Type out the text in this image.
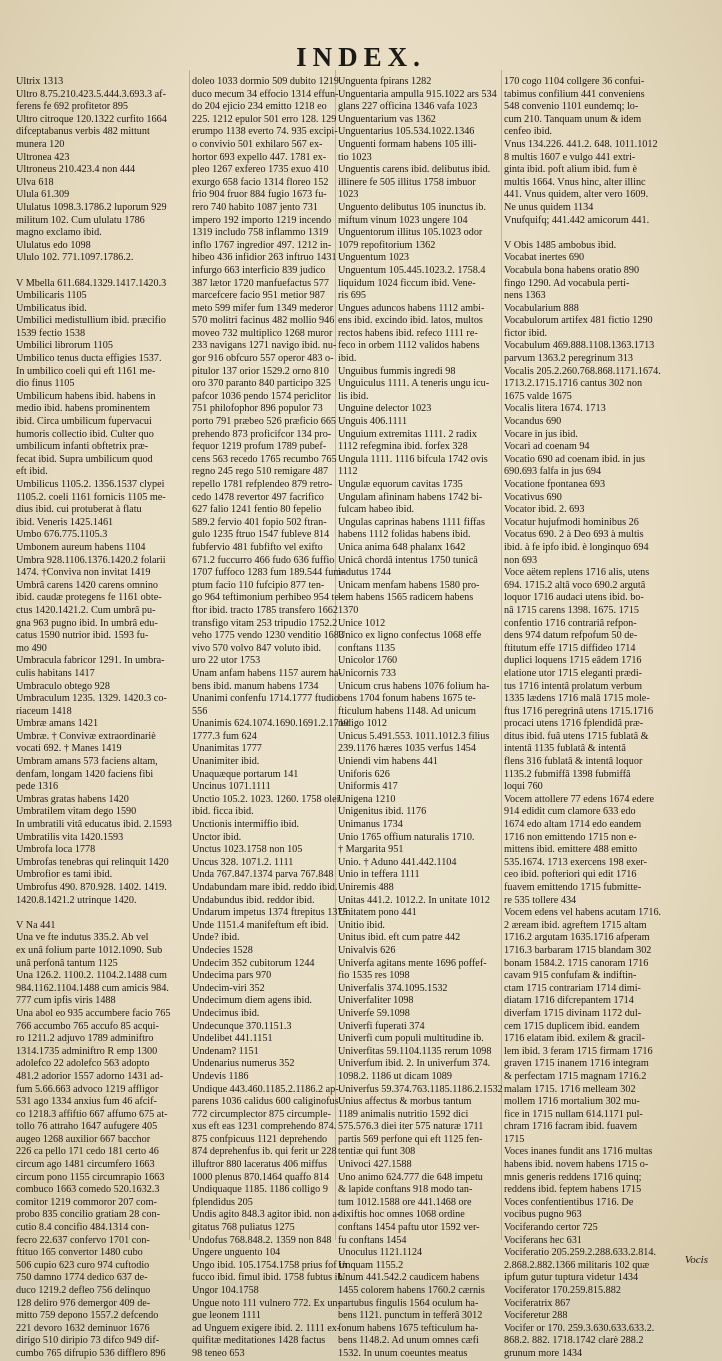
INDEX.
Ultrix 1313
Ultro 8.75.210.423.5.444.3.693.3 af-
ferens fe 692 profitetor 895
Ultro citroque 120.1322 curfito 1664
difceptabanus verbis 482 mittunt
munera 120
Ultronea 423
Ultroneus 210.423.4 non 444
Ulva 618
Ulula 61.309
Ululatus 1098.3.1786.2 luporum 929
militum 102. Cum ululatu 1786
magno exclamo ibid.
Ululatus edo 1098
Ululo 102. 771.1097.1786.2.

V Mbella 611.684.1329.1417.1420.3
Umbilicaris 1105
Umbilicatus ibid.
Umbilici medistullium ibid. præcifio
1539 fectio 1538
Umbilici librorum 1105
Umbilico tenus ducta effigies 1537.
In umbilico coeli qui eft 1161 me-
dio finus 1105
Umbilicum habens ibid. habens in
medio ibid. habens prominentem
ibid. Circa umbilicum fupervacui
humoris collectio ibid. Culter quo
umbilicum infanti obftetrix præ-
fecat ibid. Supra umbilicum quod
eft ibid.
Umbilicus 1105.2. 1356.1537 clypei
1105.2. coeli 1161 fornicis 1105 me-
dius ibid. cui protuberat à flatu
ibid. Veneris 1425.1461
Umbo 676.775.1105.3
Umbonem aureum habens 1104
Umbra 928.1106.1376.1420.2 folarii
1474. †Conviva non invitat 1419
Umbrâ carens 1420 carens omnino
ibid. caudæ protegens fe 1161 obte-
ctus 1420.1421.2. Cum umbrâ pu-
gna 963 pugno ibid. In umbrâ edu-
catus 1590 nutrior ibid. 1593 fu-
mo 490
Umbracula fabricor 1291. In umbra-
culis habitans 1417
Umbraculo obtego 928
Umbraculum 1235. 1329. 1420.3 co-
riaceum 1418
Umbræ amans 1421
Umbræ. † Convivæ extraordinariè
vocati 692. † Manes 1419
Umbram amans 573 faciens altam,
denfam, longam 1420 faciens fibi
pede 1316
Umbras gratas habens 1420
Umbratilem vitam dego 1590
In umbratili vitâ educatus ibid. 2.1593
Umbratilis vita 1420.1593
Umbrofa loca 1778
Umbrofas tenebras qui relinquit 1420
Umbrofior es tami ibid.
Umbrofus 490. 870.928. 1402. 1419.
1420.8.1421.2 utrinque 1420.

V Na 441
Una ve fte indutus 335.2. Ab vel
ex unâ folium parte 1012.1090. Sub
unâ perfonâ tantum 1125
Una 126.2. 1100.2. 1104.2.1488 cum
984.1162.1104.1488 cum amicis 984.
777 cum ipfis viris 1488
Una abol eo 935 accumbere facio 765
766 accumbo 765 accufo 85 acqui-
ro 1211.2 adjuvo 1789 adminiftro
1314.1735 adminiftro R emp 1300
adolefco 22 adolefco 563 adopto
481.2 adorior 1557 adorno 1431 ad-
fum 5.66.663 advoco 1219 affligor
531 ago 1334 anxius fum 46 afcif-
co 1218.3 affiftio 667 affumo 675 at-
tollo 76 attraho 1647 aufugere 405
augeo 1268 auxilior 667 bacchor
226 ca pello 171 cedo 181 certo 46
circum ago 1481 circumfero 1663
circum pono 1155 circumrapio 1663
combuco 1663 comedo 520.1632.3
comitor 1219 commoror 207 com-
probo 835 concilio gratiam 28 con-
cutio 8.4 concifio 484.1314 con-
fecro 22.637 confervo 1701 con-
ftituo 165 convertor 1480 cubo
506 cupio 623 curo 974 cuftodio
750 damno 1774 dedico 637 de-
duco 1219.2 defleo 756 delinquo
128 deliro 976 demergor 409 de-
mitto 759 depono 1557.2 defcendo
221 devoro 1632 deminuor 1676
dirigo 510 diripio 73 difco 949 dif-
cumbo 765 difrupio 536 difflero 896
doleo 1033 dormio 509 dubito 1219
duco mecum 34 effocio 1314 effun-
do 204 ejicio 234 emitto 1218 eo
225. 1212 epulor 501 erro 128. 129
erumpo 1138 everto 74. 935 excipi-
o convivio 501 exhilaro 567 ex-
hortor 693 expello 447. 1781 ex-
pleo 1267 exfereo 1735 exuo 410
exurgo 658 facio 1314 floreo 152
frio 904 fruor 884 fugio 1673 fu-
rero 740 habito 1087 jento 731
impero 192 importo 1219 incendo
1319 includo 758 inflammo 1319
inflo 1767 ingredior 497. 1212 in-
hibeo 436 infidior 263 inftruo 1431
infurgo 663 interficio 839 judico
387 lætor 1720 manfuefactus 577
marcefcere facio 951 metior 987
meto 599 mifer fum 1349 mederor
570 molitri facinus 482 mollio 946
moveo 732 multiplico 1268 muror
233 navigans 1271 navigo ibid. nu-
gor 916 obfcuro 557 operor 483 o-
pitulor 137 orior 1529.2 orno 810
oro 370 paranto 840 participo 325
pafcor 1036 pendo 1574 periclitor
751 philofophor 896 populor 73
porto 791 præbeo 526 præficio 665
prehendo 873 proficifcor 134 pro-
fequor 1219 profum 1789 pubef-
cens 563 recedo 1765 recumbo 765
regno 245 rego 510 remigare 487
repello 1781 refplendeo 879 retro-
cedo 1478 revertor 497 facrifico
627 falio 1241 fentio 80 fepelio
589.2 fervio 401 fopio 502 ftran-
gulo 1235 ftruo 1547 fubleve 814
fubfervio 481 fubfifto vel exifto
671.2 fuccurro 466 fudo 636 fuffio
1707 fuffoco 1283 fum 189.544 fum-
ptum facio 110 fufcipio 877 ten-
go 964 teftimonium perhibeo 954 te-
ftor ibid. tracto 1785 transfero 1662
transfigo vitam 253 tripudio 1752.2
veho 1775 vendo 1230 venditio 1683
vivo 570 volvo 847 voluto ibid.
uro 22 utor 1753
Unam anfam habens 1157 aurem ha-
bens ibid. manum habens 1734
Unanimi confenfu 1714.1777 ftudio
556
Unanimis 624.1074.1690.1691.2.1710
1777.3 fum 624
Unanimitas 1777
Unanimiter ibid.
Unaquæque portarum 141
Uncinus 1071.1111
Unctio 105.2. 1023. 1260. 1758 olei
ibid. ficca ibid.
Unctionis intermiffio ibid.
Unctor ibid.
Unctus 1023.1758 non 105
Uncus 328. 1071.2. 1111
Unda 767.847.1374 parva 767.848
Undabundam mare ibid. reddo ibid.
Undabundus ibid. reddor ibid.
Undarum impetus 1374 ftrepitus 1375
Unde 1151.4 manifeftum eft ibid.
Unde? ibid.
Undecies 1528
Undecim 352 cubitorum 1244
Undecima pars 970
Undecim-viri 352
Undecimum diem agens ibid.
Undecimus ibid.
Undecunque 370.1151.3
Undelibet 441.1151
Undenam? 1151
Undenarius numerus 352
Undevis 1186
Undique 443.460.1185.2.1186.2 ap-
parens 1036 calidus 600 caliginofus
772 circumplector 875 circumple-
xus eft eas 1231 comprehendo 874.
875 confpicuus 1121 deprehendo
874 deprehenfus ib. qui ferit ur 228
illuftror 880 laceratus 406 miffus
1000 plenus 870.1464 quaffo 814
Undiquaque 1185. 1186 colligo 9
fplendidus 205
Undis agito 848.3 agitor ibid. non a-
gitatus 768 puliatus 1275
Undofus 768.848.2. 1359 non 848
Ungere unguento 104
Ungo ibid. 105.1754.1758 prius fof in
fucco ibid. fimul ibid. 1758 fubtus ib.
Ungor 104.1758
Ungue noto 111 vulnero 772. Ex un-
gue leonem 1111
ad Unguem exigere ibid. 2. 1111 ex-
quifitæ meditationes 1428 factus
98 teneo 653
Unguenta fpirans 1282
Unguentaria ampulla 915.1022 ars 534
glans 227 officina 1346 vafa 1023
Unguentarium vas 1362
Unguentarius 105.534.1022.1346
Unguenti formam habens 105 illi-
tio 1023
Unguentis carens ibid. delibutus ibid.
illinere fe 505 illitus 1758 imbuor
1023
Unguento delibutus 105 inunctus ib.
miftum vinum 1023 ungere 104
Unguentorum illitus 105.1023 odor
1079 repofitorium 1362
Unguentum 1023
Unguentum 105.445.1023.2. 1758.4
liquidum 1024 ficcum ibid. Vene-
ris 695
Ungues aduncos habens 1112 ambi-
ens ibid. excindo ibid. latos, multos
rectos habens ibid. refeco 1111 re-
feco in orbem 1112 validos habens
ibid.
Unguibus fummis ingredi 98
Unguiculus 1111. A teneris ungu icu-
lis ibid.
Unguine delector 1023
Unguis 406.1111
Unguium extremitas 1111. 2 radix
1112 refegmina ibid. forfex 328
Ungula 1111. 1116 bifcula 1742 ovis
1112
Ungulæ equorum cavitas 1735
Ungulam afininam habens 1742 bi-
fulcam habeo ibid.
Ungulas caprinas habens 1111 fiffas
habens 1112 folidas habens ibid.
Unica anima 648 phalanx 1642
Unicâ chordâ intentus 1750 tunicâ
indutus 1744
Unicam menfam habens 1580 pro-
lem habens 1565 radicem habens
1370
Unice 1012
Unico ex ligno confectus 1068 effe
conftans 1135
Unicolor 1760
Unicornis 733
Unicum crus habens 1076 folium ha-
bens 1704 fonum habens 1675 te-
fticulum habens 1148. Ad unicum
redigo 1012
Unicus 5.491.553. 1011.1012.3 filius
239.1176 hæres 1035 verfus 1454
Uniendi vim habens 441
Uniforis 626
Uniformis 417
Unigena 1210
Unigenitus ibid. 1176
Unimanus 1734
Unio 1765 offium naturalis 1710.
† Margarita 951
Unio. † Aduno 441.442.1104
Unio in teffera 1111
Uniremis 488
Unitas 441.2. 1012.2. In unitate 1012
Unitatem pono 441
Unitio ibid.
Unitus ibid. eft cum patre 442
Univalvis 626
Univerfa agitans mente 1696 poffef-
fio 1535 res 1098
Univerfalis 374.1095.1532
Univerfaliter 1098
Univerfe 59.1098
Univerfi fuperati 374
Univerfi cum populi multitudine ib.
Univerfitas 59.1104.1135 rerum 1098
Univerfum ibid. 2. In univerfum 374.
1098.2. 1186 ut dicam 1089
Univerfus 59.374.763.1185.1186.2.1532
Unius affectus & morbus tantum
1189 animalis nutritio 1592 dici
575.576.3 diei iter 575 naturæ 1711
partis 569 perfone qui eft 1125 fen-
tentiæ qui funt 308
Univoci 427.1588
Uno animo 624.777 die 648 impetu
& lapide conftans 918 modo tan-
tum 1012.1588 ore 441.1468 ore
dixiftis hoc omnes 1068 ordine
conftans 1454 paftu utor 1592 ver-
fu conftans 1454
Unoculus 1121.1124
Unquam 1155.2
Unum 441.542.2 caudicem habens
1455 colorem habens 1760.2 cærnis
partubus fingulis 1564 oculum ha-
bens 1121. punctum in tefferâ 3012
fonum habens 1675 tefticulum ha-
bens 1148.2. Ad unum omnes cæfi
1532. In unum coeuntes meatus
170 cogo 1104 collgere 36 confui-
tabimus confilium 441 conveniens
548 convenio 1101 eundemq; lo-
cum 210. Tanquam unum & idem
cenfeo ibid.
Vnus 134.226. 441.2. 648. 1011.1012
8 multis 1607 e vulgo 441 extri-
ginta ibid. poft alium ibid. fum è
multis 1664. Vnus hinc, alter illinc
441. Vnus quidem, alter vero 1609.
Ne unus quidem 1134
Vnufquifq; 441.442 amicorum 441.

V Obis 1485 ambobus ibid.
Vocabat inertes 690
Vocabula bona habens oratio 890
fingo 1290. Ad vocabula perti-
nens 1363
Vocabularium 888
Vocabulorum artifex 481 fictio 1290
fictor ibid.
Vocabulum 469.888.1108.1363.1713
parvum 1363.2 peregrinum 313
Vocalis 205.2.260.768.868.1171.1674.
1713.2.1715.1716 cantus 302 non
1675 valde 1675
Vocalis litera 1674. 1713
Vocandus 690
Vocare in jus ibid.
Vocari ad coenam 94
Vocatio 690 ad coenam ibid. in jus
690.693 falfa in jus 694
Vocatione fpontanea 693
Vocativus 690
Vocator ibid. 2. 693
Vocatur hujufmodi hominibus 26
Vocatus 690. 2 à Deo 693 à multis
ibid. à fe ipfo ibid. è longinquo 694
non 693
Voce aëtem replens 1716 alis, utens
694. 1715.2 altâ voco 690.2 argutâ
loquor 1716 audaci utens ibid. bo-
nâ 1715 carens 1398. 1675. 1715
confentio 1716 contrariâ refpon-
dens 974 datum refpofum 50 de-
ftitutum effe 1715 diffideo 1714
duplici loquens 1715 eâdem 1716
elatione utor 1715 eleganti prædi-
tus 1716 intentâ prolatum verbum
1335 lædens 1716 malâ 1715 mole-
ftus 1716 peregrinâ utens 1715.1716
procaci utens 1716 fplendidâ præ-
ditus ibid. fuâ utens 1715 fublatâ &
intentâ 1135 fublatâ & intentâ
flens 316 fublatâ & intentâ loquor
1135.2 fubmiffâ 1398 fubmiffâ
loqui 760
Vocem attollere 77 edens 1674 edere
914 edidit cum clamore 633 edo
1674 edo altam 1714 edo eandem
1716 non emittendo 1715 non e-
mittens ibid. emittere 488 emitto
535.1674. 1713 exercens 198 exer-
ceo ibid. pofteriori qui edit 1716
fuavem emittendo 1715 fubmitte-
re 535 tollere 434
Vocem edens vel habens acutam 1716.
2 æream ibid. agreftem 1715 altam
1716.2 argutam 1635.1716 afperam
1716.3 barbaram 1715 blandam 302
bonam 1584.2. 1715 canoram 1716
cavam 915 confufam & indiftin-
ctam 1715 contrariam 1714 dimi-
diatam 1716 difcrepantem 1714
diverfam 1715 divinam 1172 dul-
cem 1715 duplicem ibid. eandem
1716 elatam ibid. exilem & gracil-
lem ibid. 3 feram 1715 firmam 1716
graven 1715 inanem 1716 integram
& perfectam 1715 magnam 1716.2
malam 1715. 1716 melleam 302
mollem 1716 mortalium 302 mu-
fice in 1715 nullam 614.1171 pul-
chram 1716 facram ibid. fuavem
1715
Voces inanes fundit ans 1716 multas
habens ibid. novem habens 1715 o-
mnis generis reddens 1716 quinq;
reddens ibid. feptem habens 1715
Voces confentientibus 1716. De
vocibus pugno 963
Vociferando certor 725
Vociferans hec 631
Vociferatio 205.259.2.288.633.2.814.
2.868.2.882.1366 militaris 102 quæ
ipfum gutur tuptura videtur 1434
Vociferator 170.259.815.882
Vociferatrix 867
Vociferetur 288
Vocifer or 170. 259.3.630.633.633.2.
868.2. 882. 1718.1742 clarè 288.2
grunum more 1434
Vocis
